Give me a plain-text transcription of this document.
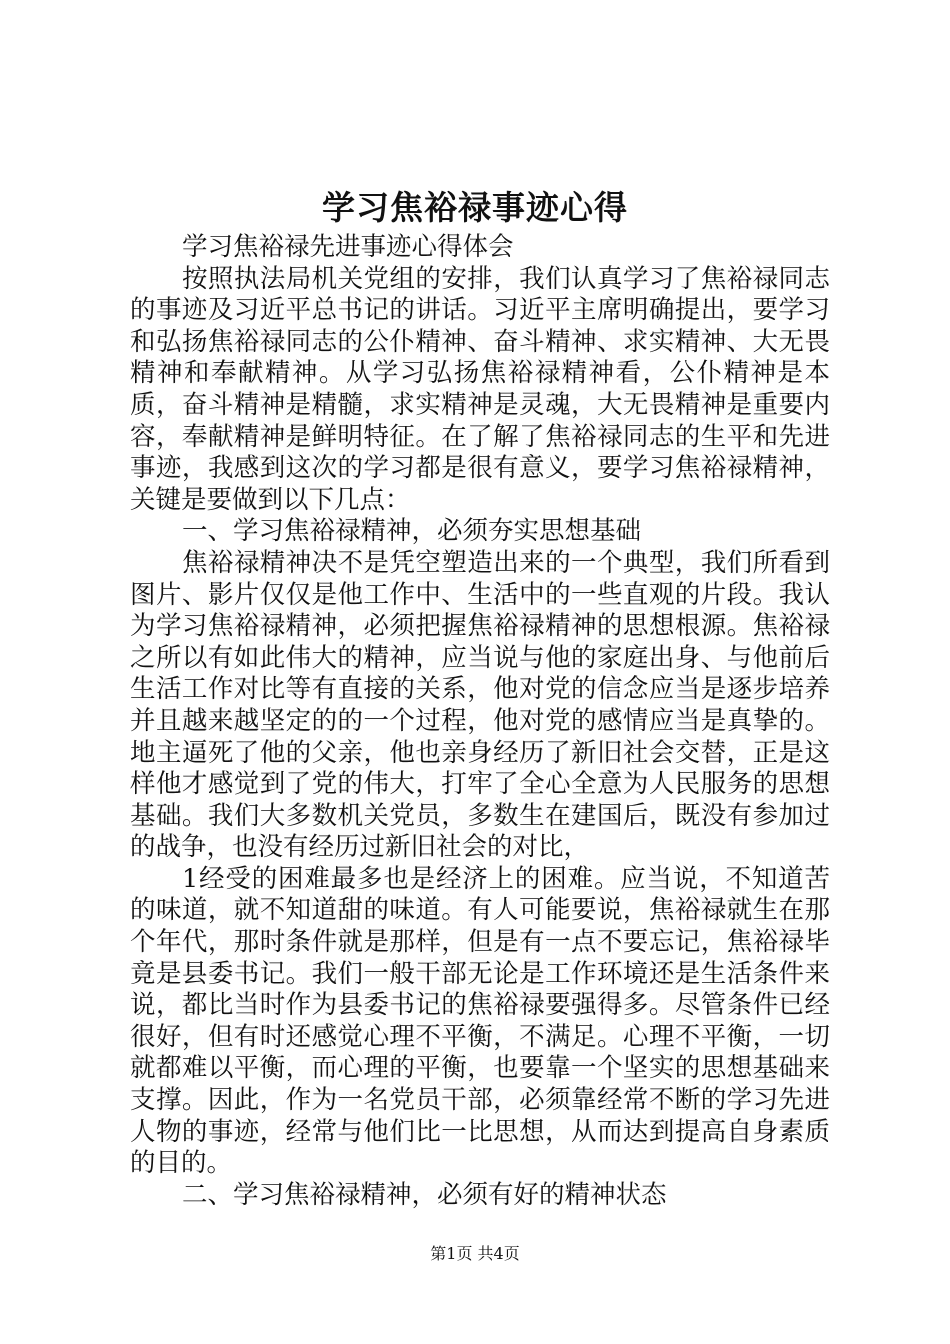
学习焦裕禄事迹心得

学习焦裕禄先进事迹心得体会

按照执法局机关党组的安排，我们认真学习了焦裕禄同志的事迹及习近平总书记的讲话。习近平主席明确提出，要学习和弘扬焦裕禄同志的公仆精神、奋斗精神、求实精神、大无畏精神和奉献精神。从学习弘扬焦裕禄精神看，公仆精神是本质，奋斗精神是精髓，求实精神是灵魂，大无畏精神是重要内容，奉献精神是鲜明特征。在了解了焦裕禄同志的生平和先进事迹，我感到这次的学习都是很有意义，要学习焦裕禄精神，关键是要做到以下几点：

一、学习焦裕禄精神，必须夯实思想基础

焦裕禄精神决不是凭空塑造出来的一个典型，我们所看到图片、影片仅仅是他工作中、生活中的一些直观的片段。我认为学习焦裕禄精神，必须把握焦裕禄精神的思想根源。焦裕禄之所以有如此伟大的精神，应当说与他的家庭出身、与他前后生活工作对比等有直接的关系，他对党的信念应当是逐步培养并且越来越坚定的的一个过程，他对党的感情应当是真挚的。地主逼死了他的父亲，他也亲身经历了新旧社会交替，正是这样他才感觉到了党的伟大，打牢了全心全意为人民服务的思想基础。我们大多数机关党员，多数生在建国后，既没有参加过的战争，也没有经历过新旧社会的对比，

1经受的困难最多也是经济上的困难。应当说，不知道苦的味道，就不知道甜的味道。有人可能要说，焦裕禄就生在那个年代，那时条件就是那样，但是有一点不要忘记，焦裕禄毕竟是县委书记。我们一般干部无论是工作环境还是生活条件来说，都比当时作为县委书记的焦裕禄要强得多。尽管条件已经很好，但有时还感觉心理不平衡，不满足。心理不平衡，一切就都难以平衡，而心理的平衡，也要靠一个坚实的思想基础来支撑。因此，作为一名党员干部，必须靠经常不断的学习先进人物的事迹，经常与他们比一比思想，从而达到提高自身素质的目的。

二、学习焦裕禄精神，必须有好的精神状态

第1页 共4页
